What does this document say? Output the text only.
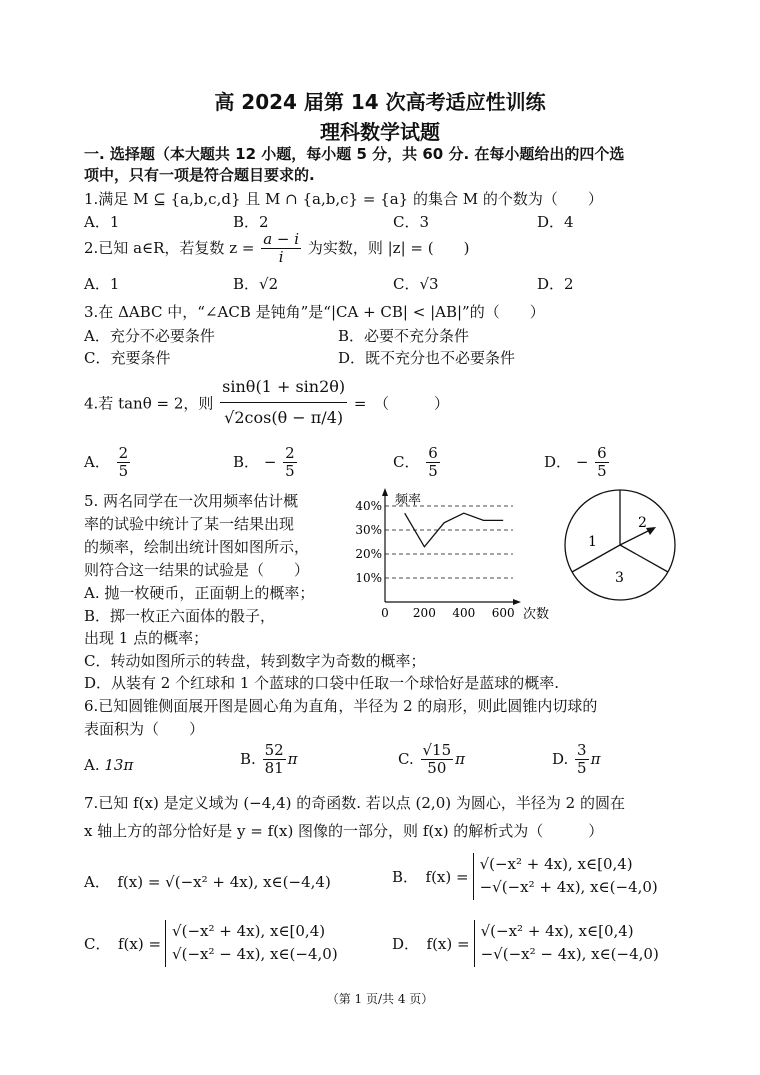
高 2024 届第 14 次高考适应性训练
理科数学试题
一. 选择题（本大题共 12 小题，每小题 5 分，共 60 分. 在每小题给出的四个选
项中，只有一项是符合题目要求的.
1.满足 M ⊆ {a,b,c,d} 且 M ∩ {a,b,c} = {a} 的集合 M 的个数为（　　）
A．1	B．2	C．3	D．4
2.已知 a∈R，若复数 $z = \frac{a - i}{i}$ 为实数，则 |z| = (　　)
A．1	B．√2	C．√3	D．2
3.在 ΔABC 中，“∠ACB 是钝角”是“|CA + CB| < |AB|”的（　　）
A．充分不必要条件	B．必要不充分条件
C．充要条件	D．既不充分也不必要条件
4.若 tanθ = 2，则 $\frac{\sin\theta(1 + \sin 2\theta)}{√2\cos(\theta - \pi/4)}$ =　（　　　）
A． $\frac{2}{5}$	B． − $\frac{2}{5}$	C． $\frac{6}{5}$	D． − $\frac{6}{5}$
5. 两名同学在一次用频率估计概
率的试验中统计了某一结果出现
的频率，绘制出统计图如图所示，
则符合这一结果的试验是（　　）
A. 抛一枚硬币，正面朝上的概率；
B．掷一枚正六面体的骰子，
出现 1 点的概率；
C．转动如图所示的转盘，转到数字为奇数的概率；
D．从装有 2 个红球和 1 个蓝球的口袋中任取一个球恰好是蓝球的概率.
频率
次数
10%
20%
30%
40%
0 200 400 600
1
2
3
6.已知圆锥侧面展开图是圆心角为直角，半径为 2 的扇形，则此圆锥内切球的
表面积为（　　）
A. 13π	B. $\frac{52}{81}$ π	C. $\frac{√15}{50}$ π	D. $\frac{3}{5}$ π
7.已知 f(x) 是定义域为 (−4,4) 的奇函数. 若以点 (2,0) 为圆心，半径为 2 的圆在
x 轴上方的部分恰好是 y = f(x) 图像的一部分，则 f(x) 的解析式为（　　　）
A．　f(x) = √(−x² + 4x), x∈(−4,4)	B．　f(x) =
√(−x² + 4x), x∈[0,4)
−√(−x² + 4x), x∈(−4,0)
C．　f(x) =
√(−x² + 4x), x∈[0,4)
√(−x² − 4x), x∈(−4,0)
D．　f(x) =
√(−x² + 4x), x∈[0,4)
−√(−x² − 4x), x∈(−4,0)
（第 1 页/共 4 页）
